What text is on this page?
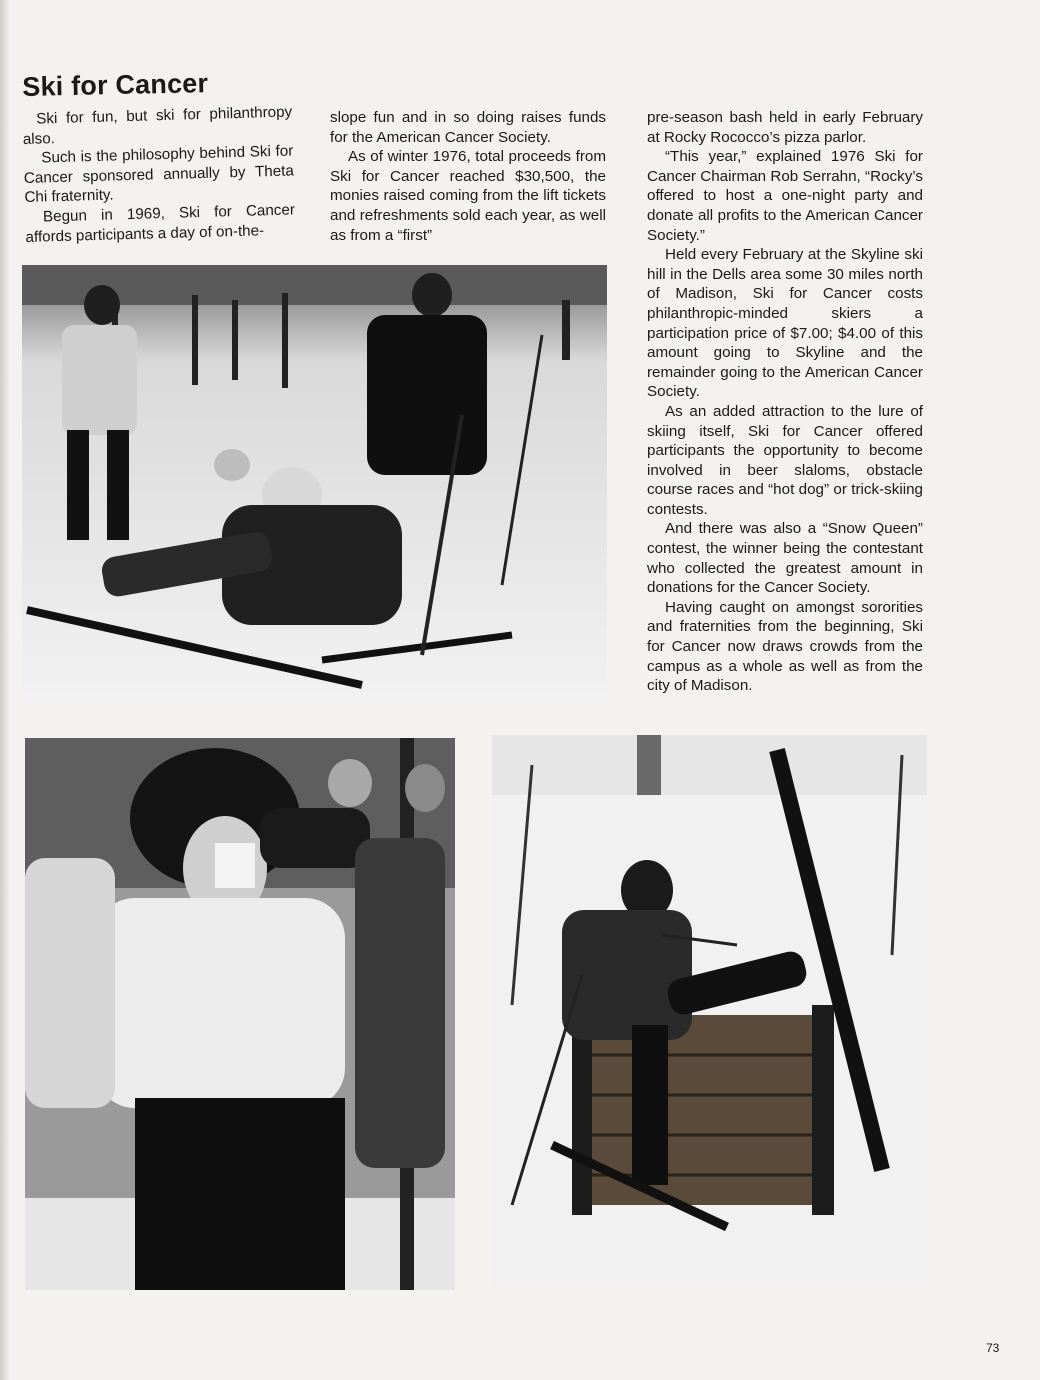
Ski for Cancer

Ski for fun, but ski for philanthropy also.

Such is the philosophy behind Ski for Cancer sponsored annually by Theta Chi fraternity.

Begun in 1969, Ski for Cancer affords participants a day of on-the-

slope fun and in so doing raises funds for the American Cancer Society.

As of winter 1976, total proceeds from Ski for Cancer reached $30,500, the monies raised coming from the lift tickets and refreshments sold each year, as well as from a “first”

pre-season bash held in early February at Rocky Rococco’s pizza parlor.

“This year,” explained 1976 Ski for Cancer Chairman Rob Serrahn, “Rocky’s offered to host a one-night party and donate all profits to the American Cancer Society.”

Held every February at the Skyline ski hill in the Dells area some 30 miles north of Madison, Ski for Cancer costs philanthropic-minded skiers a participation price of $7.00; $4.00 of this amount going to Skyline and the remainder going to the American Cancer Society.

As an added attraction to the lure of skiing itself, Ski for Cancer offered participants the opportunity to become involved in beer slaloms, obstacle course races and “hot dog” or trick-skiing contests.

And there was also a “Snow Queen” contest, the winner being the contestant who collected the greatest amount in donations for the Cancer Society.

Having caught on amongst sororities and fraternities from the beginning, Ski for Cancer now draws crowds from the campus as a whole as well as from the city of Madison.

73
